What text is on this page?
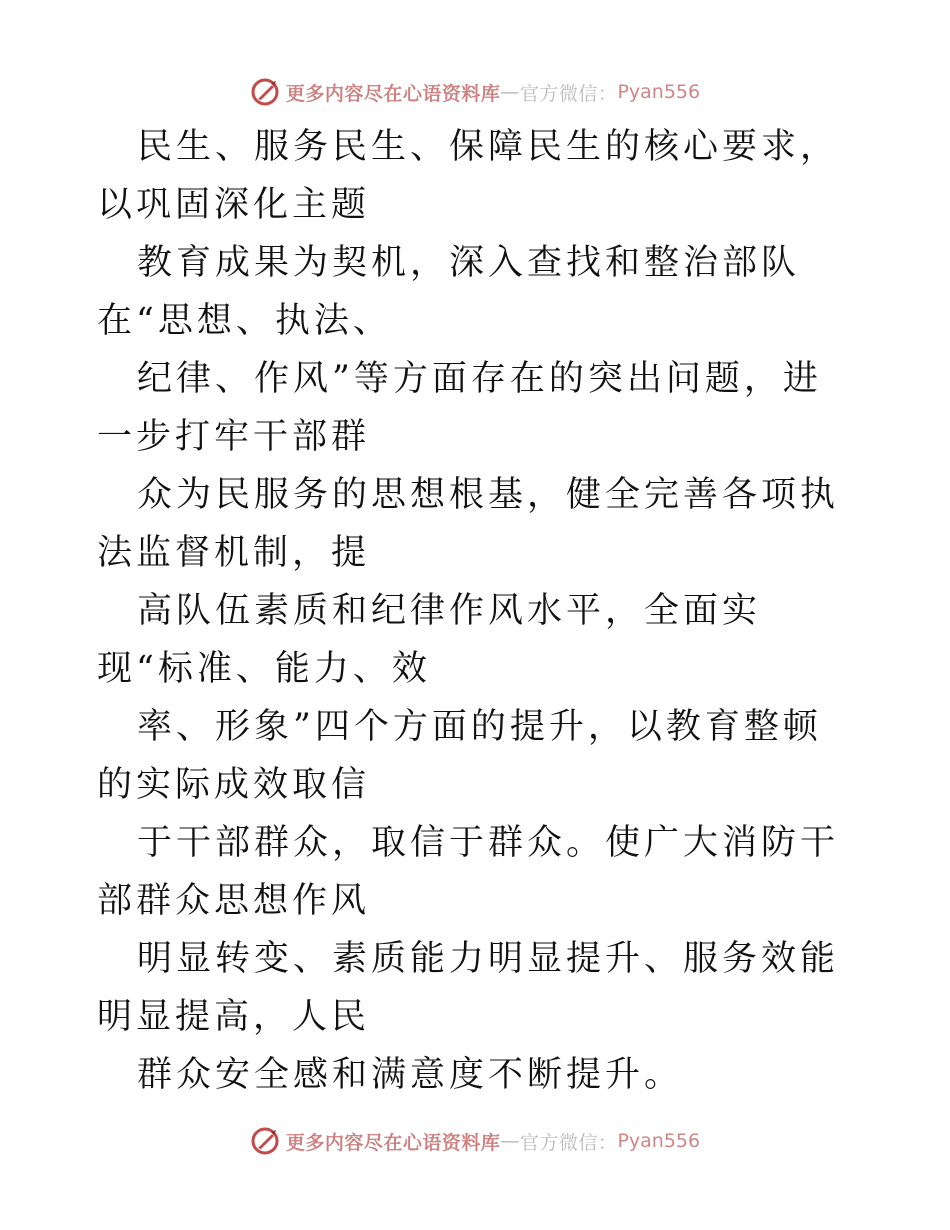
更多内容尽在心语资料库 — 官方微信： Pyan556

民生、服务民生、保障民生的核心要求，以巩固深化主题

教育成果为契机，深入查找和整治部队在“思想、执法、

纪律、作风”等方面存在的突出问题，进一步打牢干部群

众为民服务的思想根基，健全完善各项执法监督机制，提

高队伍素质和纪律作风水平，全面实现“标准、能力、效

率、形象”四个方面的提升，以教育整顿的实际成效取信

于干部群众，取信于群众。使广大消防干部群众思想作风

明显转变、素质能力明显提升、服务效能明显提高，人民

群众安全感和满意度不断提升。

更多内容尽在心语资料库 — 官方微信： Pyan556
